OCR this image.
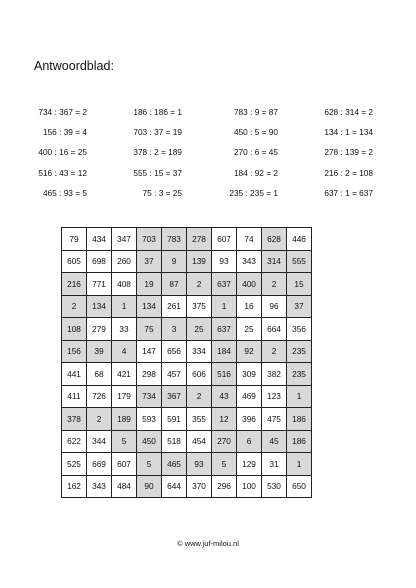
Antwoordblad:
734 : 367 = 2	186 : 186 = 1	783 : 9 = 87	628 : 314 = 2
156 : 39 = 4	703 : 37 = 19	450 : 5 = 90	134 : 1 = 134
400 : 16 = 25	378 : 2 = 189	270 : 6 = 45	278 : 139 = 2
516 : 43 = 12	555 : 15 = 37	184 : 92 = 2	216 : 2 = 108
465 : 93 = 5	75 : 3 = 25	235 : 235 = 1	637 : 1 = 637
79	434	347	703	783	278	607	74	628	446
605	698	260	37	9	139	93	343	314	555
216	771	408	19	87	2	637	400	2	15
2	134	1	134	261	375	1	16	96	37
108	279	33	75	3	25	637	25	664	356
156	39	4	147	656	334	184	92	2	235
441	68	421	298	457	606	516	309	382	235
411	726	179	734	367	2	43	469	123	1
378	2	189	593	591	355	12	396	475	186
622	344	5	450	518	454	270	6	45	186
525	669	607	5	465	93	5	129	31	1
162	343	484	90	644	370	296	100	530	650
© www.juf-milou.nl
